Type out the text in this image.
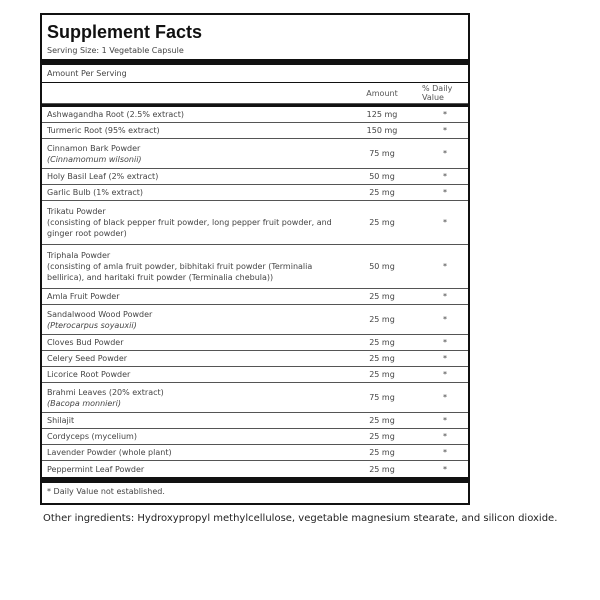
Supplement Facts
Serving Size: 1 Vegetable Capsule
Amount Per Serving
Amount	% Daily Value
Ashwagandha Root (2.5% extract)	125 mg	*
Turmeric Root (95% extract)	150 mg	*
Cinnamon Bark Powder
(Cinnamomum wilsonii)
75 mg	*
Holy Basil Leaf (2% extract)	50 mg	*
Garlic Bulb (1% extract)	25 mg	*
Trikatu Powder
(consisting of black pepper fruit powder, long pepper fruit powder, and ginger root powder)
25 mg	*
Triphala Powder
(consisting of amla fruit powder, bibhitaki fruit powder (Terminalia bellirica), and haritaki fruit powder (Terminalia chebula))
50 mg	*
Amla Fruit Powder	25 mg	*
Sandalwood Wood Powder
(Pterocarpus soyauxii)
25 mg	*
Cloves Bud Powder	25 mg	*
Celery Seed Powder	25 mg	*
Licorice Root Powder	25 mg	*
Brahmi Leaves (20% extract)
(Bacopa monnieri)
75 mg	*
Shilajit	25 mg	*
Cordyceps (mycelium)	25 mg	*
Lavender Powder (whole plant)	25 mg	*
Peppermint Leaf Powder	25 mg	*
* Daily Value not established.
Other ingredients: Hydroxypropyl methylcellulose, vegetable magnesium stearate, and silicon dioxide.
